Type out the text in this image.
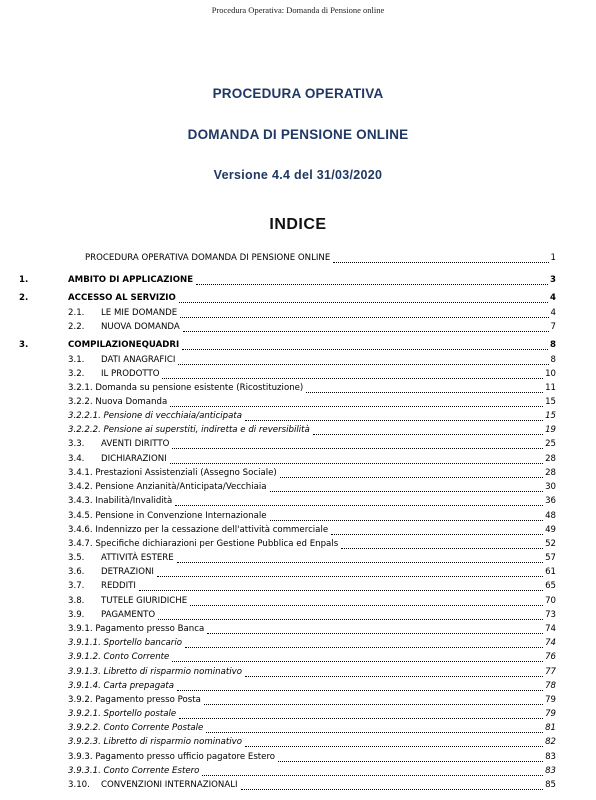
Procedura Operativa: Domanda di Pensione online
PROCEDURA OPERATIVA
DOMANDA DI PENSIONE ONLINE
Versione 4.4 del 31/03/2020
INDICE
PROCEDURA OPERATIVA DOMANDA DI PENSIONE ONLINE	1
1.	AMBITO DI APPLICAZIONE	3
2.	ACCESSO AL SERVIZIO	4
2.1. LE MIE DOMANDE	4
2.2. NUOVA DOMANDA	7
3.	COMPILAZIONEQUADRI	8
3.1. DATI ANAGRAFICI	8
3.2. IL PRODOTTO	10
3.2.1. Domanda su pensione esistente (Ricostituzione)	11
3.2.2. Nuova Domanda	15
3.2.2.1. Pensione di vecchiaia/anticipata	15
3.2.2.2. Pensione ai superstiti, indiretta e di reversibilità	19
3.3. AVENTI DIRITTO	25
3.4. DICHIARAZIONI	28
3.4.1. Prestazioni Assistenziali (Assegno Sociale)	28
3.4.2. Pensione Anzianità/Anticipata/Vecchiaia	30
3.4.3. Inabilità/Invalidità	36
3.4.5. Pensione in Convenzione Internazionale	48
3.4.6. Indennizzo per la cessazione dell'attività commerciale	49
3.4.7. Specifiche dichiarazioni per Gestione Pubblica ed Enpals	52
3.5. ATTIVITÀ ESTERE	57
3.6. DETRAZIONI	61
3.7. REDDITI	65
3.8. TUTELE GIURIDICHE	70
3.9. PAGAMENTO	73
3.9.1. Pagamento presso Banca	74
3.9.1.1. Sportello bancario	74
3.9.1.2. Conto Corrente	76
3.9.1.3. Libretto di risparmio nominativo	77
3.9.1.4. Carta prepagata	78
3.9.2. Pagamento presso Posta	79
3.9.2.1. Sportello postale	79
3.9.2.2. Conto Corrente Postale	81
3.9.2.3. Libretto di risparmio nominativo	82
3.9.3. Pagamento presso ufficio pagatore Estero	83
3.9.3.1. Conto Corrente Estero	83
3.10. CONVENZIONI INTERNAZIONALI	85
